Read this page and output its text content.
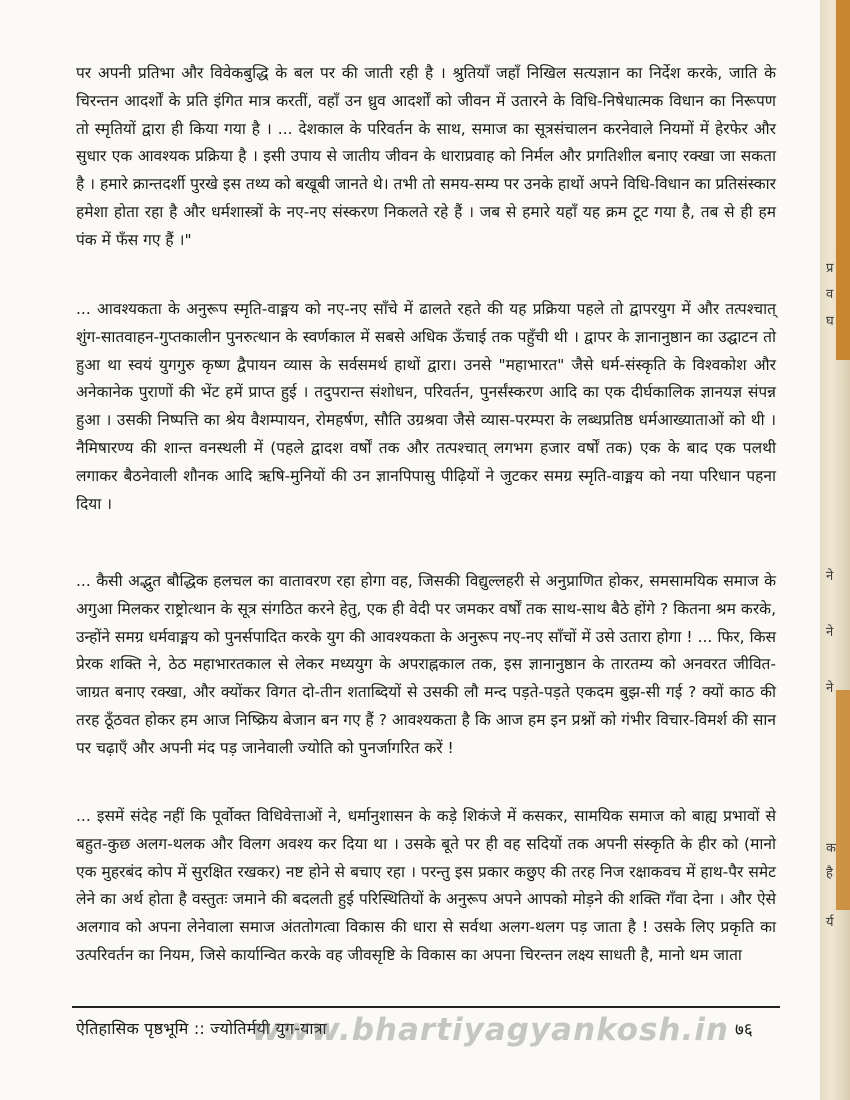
पर अपनी प्रतिभा और विवेकबुद्धि के बल पर की जाती रही है । श्रुतियाँ जहाँ निखिल सत्यज्ञान का निर्देश करके, जाति के चिरन्तन आदर्शों के प्रति इंगित मात्र करतीं, वहाँ उन ध्रुव आदर्शों को जीवन में उतारने के विधि-निषेधात्मक विधान का निरूपण तो स्मृतियों द्वारा ही किया गया है । ... देशकाल के परिवर्तन के साथ, समाज का सूत्रसंचालन करनेवाले नियमों में हेरफेर और सुधार एक आवश्यक प्रक्रिया है । इसी उपाय से जातीय जीवन के धाराप्रवाह को निर्मल और प्रगतिशील बनाए रक्खा जा सकता है । हमारे क्रान्तदर्शी पुरखे इस तथ्य को बखूबी जानते थे। तभी तो समय-सम्य पर उनके हाथों अपने विधि-विधान का प्रतिसंस्कार हमेशा होता रहा है और धर्मशास्त्रों के नए-नए संस्करण निकलते रहे हैं । जब से हमारे यहाँ यह क्रम टूट गया है, तब से ही हम पंक में फँस गए हैं ।"

... आवश्यकता के अनुरूप स्मृति-वाङ्मय को नए-नए साँचे में ढालते रहते की यह प्रक्रिया पहले तो द्वापरयुग में और तत्पश्चात् शुंग-सातवाहन-गुप्तकालीन पुनरुत्थान के स्वर्णकाल में सबसे अधिक ऊँचाई तक पहुँची थी । द्वापर के ज्ञानानुष्ठान का उद्घाटन तो हुआ था स्वयं युगगुरु कृष्ण द्वैपायन व्यास के सर्वसमर्थ हाथों द्वारा। उनसे "महाभारत" जैसे धर्म-संस्कृति के विश्वकोश और अनेकानेक पुराणों की भेंट हमें प्राप्त हुई । तदुपरान्त संशोधन, परिवर्तन, पुनर्संस्करण आदि का एक दीर्घकालिक ज्ञानयज्ञ संपन्न हुआ । उसकी निष्पत्ति का श्रेय वैशम्पायन, रोमहर्षण, सौति उग्रश्रवा जैसे व्यास-परम्परा के लब्धप्रतिष्ठ धर्मआख्याताओं को थी । नैमिषारण्य की शान्त वनस्थली में (पहले द्वादश वर्षों तक और तत्पश्चात् लगभग हजार वर्षों तक) एक के बाद एक पलथी लगाकर बैठनेवाली शौनक आदि ऋषि-मुनियों की उन ज्ञानपिपासु पीढ़ियों ने जुटकर समग्र स्मृति-वाङ्मय को नया परिधान पहना दिया ।

... कैसी अद्भुत बौद्धिक हलचल का वातावरण रहा होगा वह, जिसकी विद्युल्लहरी से अनुप्राणित होकर, समसामयिक समाज के अगुआ मिलकर राष्ट्रोत्थान के सूत्र संगठित करने हेतु, एक ही वेदी पर जमकर वर्षों तक साथ-साथ बैठे होंगे ? कितना श्रम करके, उन्होंने समग्र धर्मवाङ्मय को पुनर्सपादित करके युग की आवश्यकता के अनुरूप नए-नए साँचों में उसे उतारा होगा ! ... फिर, किस प्रेरक शक्ति ने, ठेठ महाभारतकाल से लेकर मध्ययुग के अपराह्नकाल तक, इस ज्ञानानुष्ठान के तारतम्य को अनवरत जीवित-जाग्रत बनाए रक्खा, और क्योंकर विगत दो-तीन शताब्दियों से उसकी लौ मन्द पड़ते-पड़ते एकदम बुझ-सी गई ? क्यों काठ की तरह ठूँठवत होकर हम आज निष्क्रिय बेजान बन गए हैं ? आवश्यकता है कि आज हम इन प्रश्नों को गंभीर विचार-विमर्श की सान पर चढ़ाएँ और अपनी मंद पड़ जानेवाली ज्योति को पुनर्जागरित करें !

... इसमें संदेह नहीं कि पूर्वोक्त विधिवेत्ताओं ने, धर्मानुशासन के कड़े शिकंजे में कसकर, सामयिक समाज को बाह्य प्रभावों से बहुत-कुछ अलग-थलक और विलग अवश्य कर दिया था । उसके बूते पर ही वह सदियों तक अपनी संस्कृति के हीर को (मानो एक मुहरबंद कोप में सुरक्षित रखकर) नष्ट होने से बचाए रहा । परन्तु इस प्रकार कछुए की तरह निज रक्षाकवच में हाथ-पैर समेट लेने का अर्थ होता है वस्तुतः जमाने की बदलती हुई परिस्थितियों के अनुरूप अपने आपको मोड़ने की शक्ति गँवा देना । और ऐसे अलगाव को अपना लेनेवाला समाज अंततोगत्वा विकास की धारा से सर्वथा अलग-थलग पड़ जाता है ! उसके लिए प्रकृति का उत्परिवर्तन का नियम, जिसे कार्यान्वित करके वह जीवसृष्टि के विकास का अपना चिरन्तन लक्ष्य साधती है, मानो थम जाता

ऐतिहासिक पृष्ठभूमि :: ज्योतिर्मयी युग-यात्रा
www.bhartiyagyankosh.in ७६
प्र
व
घ
ने
ने
ने
क
है
र्य
